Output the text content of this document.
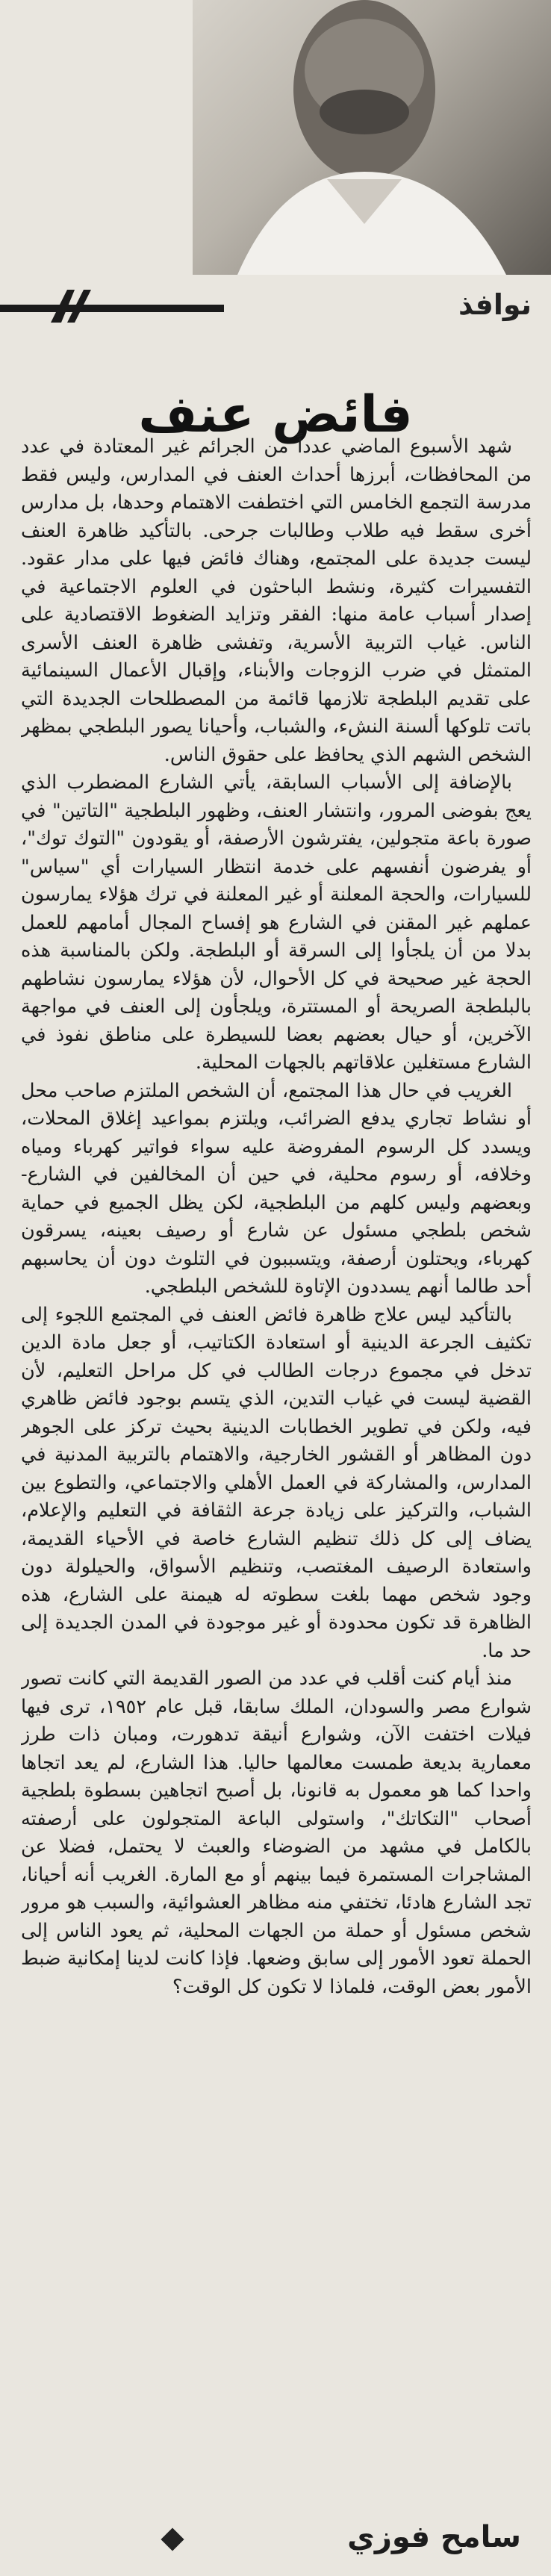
نوافذ
فائض عنف

شهد الأسبوع الماضي عدداً من الجرائم غير المعتادة في عدد من المحافظات، أبرزها أحداث العنف في المدارس، وليس فقط مدرسة التجمع الخامس التي اختطفت الاهتمام وحدها، بل مدارس أخرى سقط فيه طلاب وطالبات جرحى. بالتأكيد ظاهرة العنف ليست جديدة على المجتمع، وهناك فائض فيها على مدار عقود. التفسيرات كثيرة، ونشط الباحثون في العلوم الاجتماعية في إصدار أسباب عامة منها: الفقر وتزايد الضغوط الاقتصادية على الناس. غياب التربية الأسرية، وتفشى ظاهرة العنف الأسرى المتمثل في ضرب الزوجات والأبناء، وإقبال الأعمال السينمائية على تقديم البلطجة تلازمها قائمة من المصطلحات الجديدة التي باتت تلوكها ألسنة النشء، والشباب، وأحيانا يصور البلطجي بمظهر الشخص الشهم الذي يحافظ على حقوق الناس.

بالإضافة إلى الأسباب السابقة، يأتي الشارع المضطرب الذي يعج بفوضى المرور، وانتشار العنف، وظهور البلطجية "التاتين" في صورة باعة متجولين، يفترشون الأرصفة، أو يقودون "التوك توك"، أو يفرضون أنفسهم على خدمة انتظار السيارات أي "سياس" للسيارات، والحجة المعلنة أو غير المعلنة في ترك هؤلاء يمارسون عملهم غير المقنن في الشارع هو إفساح المجال أمامهم للعمل بدلا من أن يلجأوا إلى السرقة أو البلطجة. ولكن بالمناسبة هذه الحجة غير صحيحة في كل الأحوال، لأن هؤلاء يمارسون نشاطهم بالبلطجة الصريحة أو المستترة، ويلجأون إلى العنف في مواجهة الآخرين، أو حيال بعضهم بعضا للسيطرة على مناطق نفوذ في الشارع مستغلين علاقاتهم بالجهات المحلية.

الغريب في حال هذا المجتمع، أن الشخص الملتزم صاحب محل أو نشاط تجاري يدفع الضرائب، ويلتزم بمواعيد إغلاق المحلات، ويسدد كل الرسوم المفروضة عليه سواء فواتير كهرباء ومياه وخلافه، أو رسوم محلية، في حين أن المخالفين في الشارع- وبعضهم وليس كلهم من البلطجية، لكن يظل الجميع في حماية شخص بلطجي مسئول عن شارع أو رصيف بعينه، يسرقون كهرباء، ويحتلون أرصفة، ويتسببون في التلوث دون أن يحاسبهم أحد طالما أنهم يسددون الإتاوة للشخص البلطجي.

بالتأكيد ليس علاج ظاهرة فائض العنف في المجتمع اللجوء إلى تكثيف الجرعة الدينية أو استعادة الكتاتيب، أو جعل مادة الدين تدخل في مجموع درجات الطالب في كل مراحل التعليم، لأن القضية ليست في غياب التدين، الذي يتسم بوجود فائض ظاهري فيه، ولكن في تطوير الخطابات الدينية بحيث تركز على الجوهر دون المظاهر أو القشور الخارجية، والاهتمام بالتربية المدنية في المدارس، والمشاركة في العمل الأهلي والاجتماعي، والتطوع بين الشباب، والتركيز على زيادة جرعة الثقافة في التعليم والإعلام، يضاف إلى كل ذلك تنظيم الشارع خاصة في الأحياء القديمة، واستعادة الرصيف المغتصب، وتنظيم الأسواق، والحيلولة دون وجود شخص مهما بلغت سطوته له هيمنة على الشارع، هذه الظاهرة قد تكون محدودة أو غير موجودة في المدن الجديدة إلى حد ما.

منذ أيام كنت أقلب في عدد من الصور القديمة التي كانت تصور شوارع مصر والسودان، الملك سابقا، قبل عام ١٩٥٢، ترى فيها فيلات اختفت الآن، وشوارع أنيقة تدهورت، ومبان ذات طرز معمارية بديعة طمست معالمها حاليا. هذا الشارع، لم يعد اتجاها واحدا كما هو معمول به قانونا، بل أصبح اتجاهين بسطوة بلطجية أصحاب "التكاتك"، واستولى الباعة المتجولون على أرصفته بالكامل في مشهد من الضوضاء والعبث لا يحتمل، فضلا عن المشاجرات المستمرة فيما بينهم أو مع المارة. الغريب أنه أحيانا، تجد الشارع هادئا، تختفي منه مظاهر العشوائية، والسبب هو مرور شخص مسئول أو حملة من الجهات المحلية، ثم يعود الناس إلى الحملة تعود الأمور إلى سابق وضعها. فإذا كانت لدينا إمكانية ضبط الأمور بعض الوقت، فلماذا لا تكون كل الوقت؟

سامح فوزي
